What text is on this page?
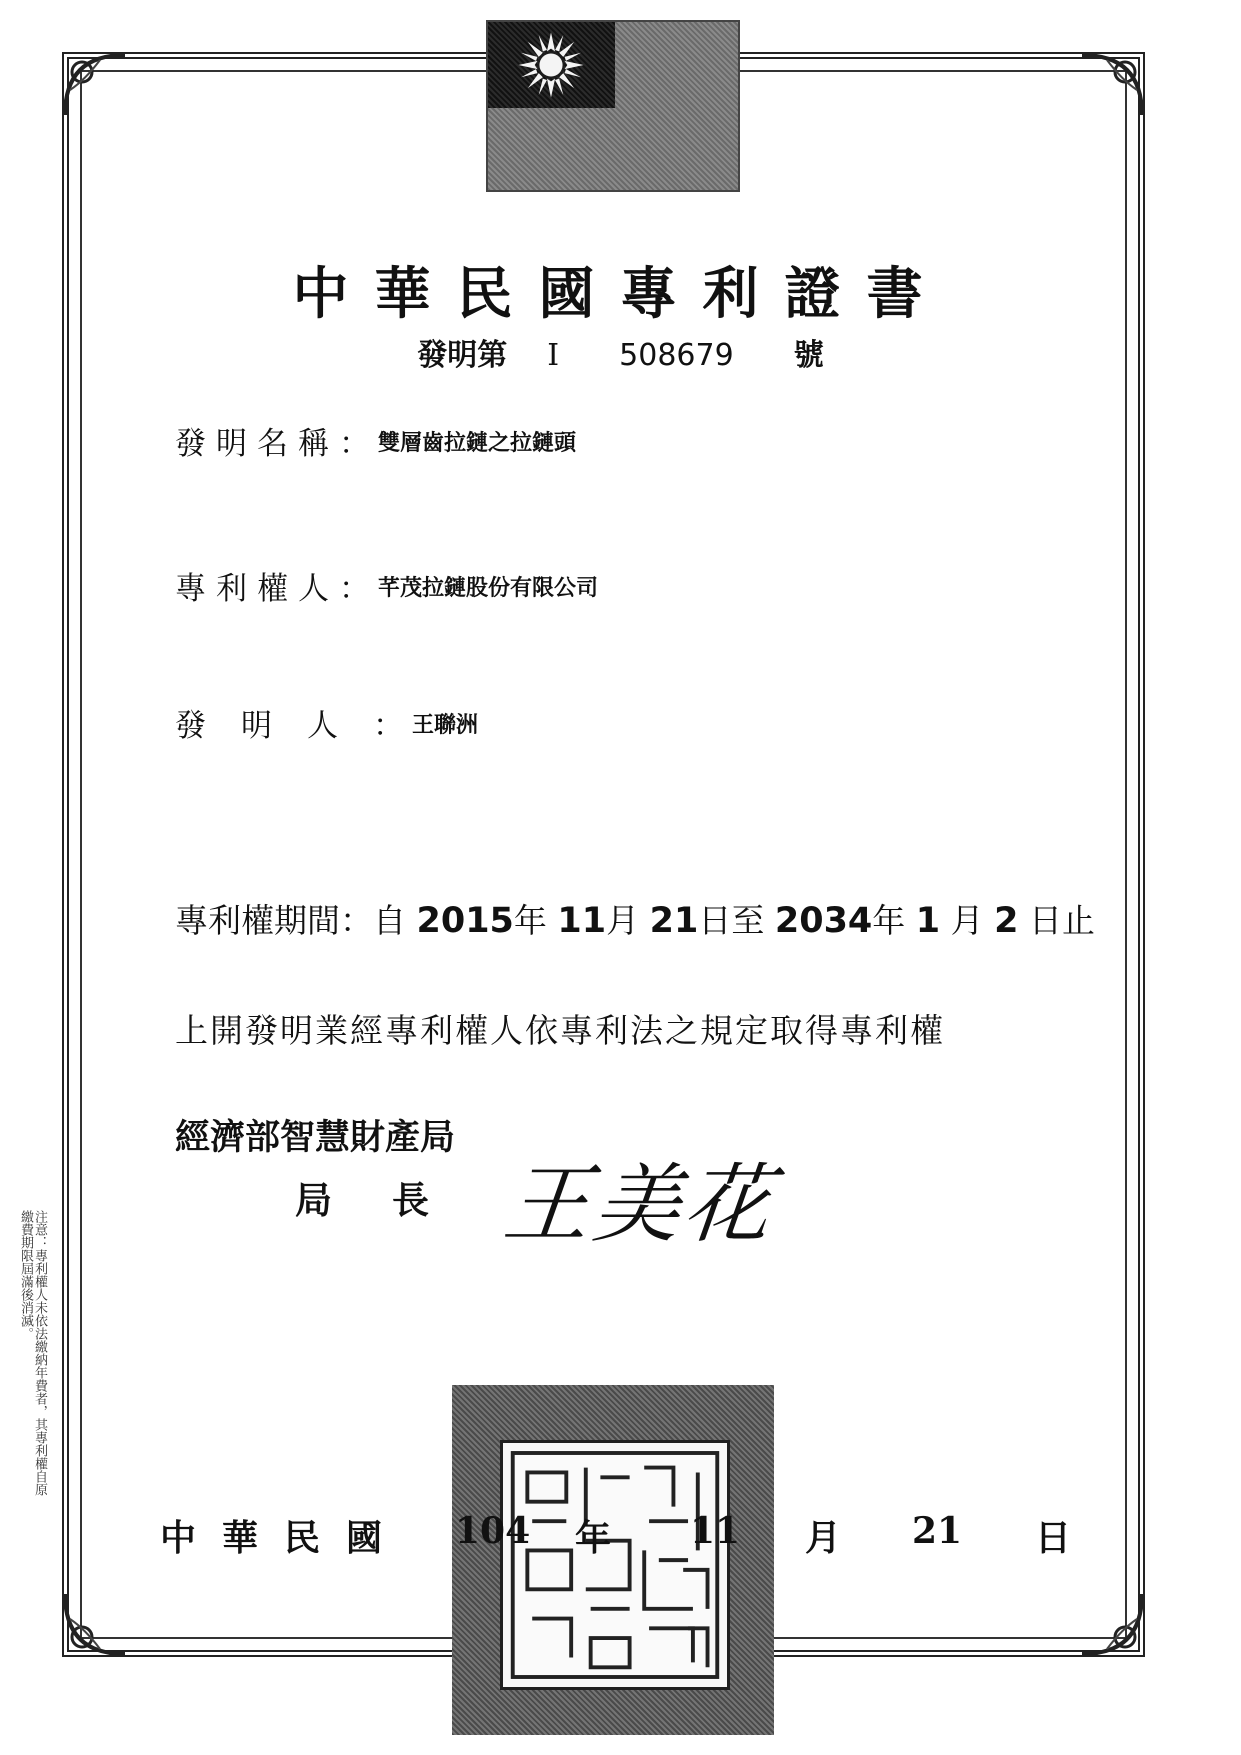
中華民國專利證書
發明第 I 508679 號
發明名稱： 雙層齒拉鏈之拉鏈頭
專利權人： 芊茂拉鏈股份有限公司
發明人： 王聯洲
專利權期間：自 2015年 11月 21日至 2034年 1 月 2 日止
上開發明業經專利權人依專利法之規定取得專利權
經濟部智慧財產局
局長 王美花
中華民國 104 年 11 月 21 日
注意：專利權人未依法繳納年費者，其專利權自原繳費期限屆滿後消滅。
